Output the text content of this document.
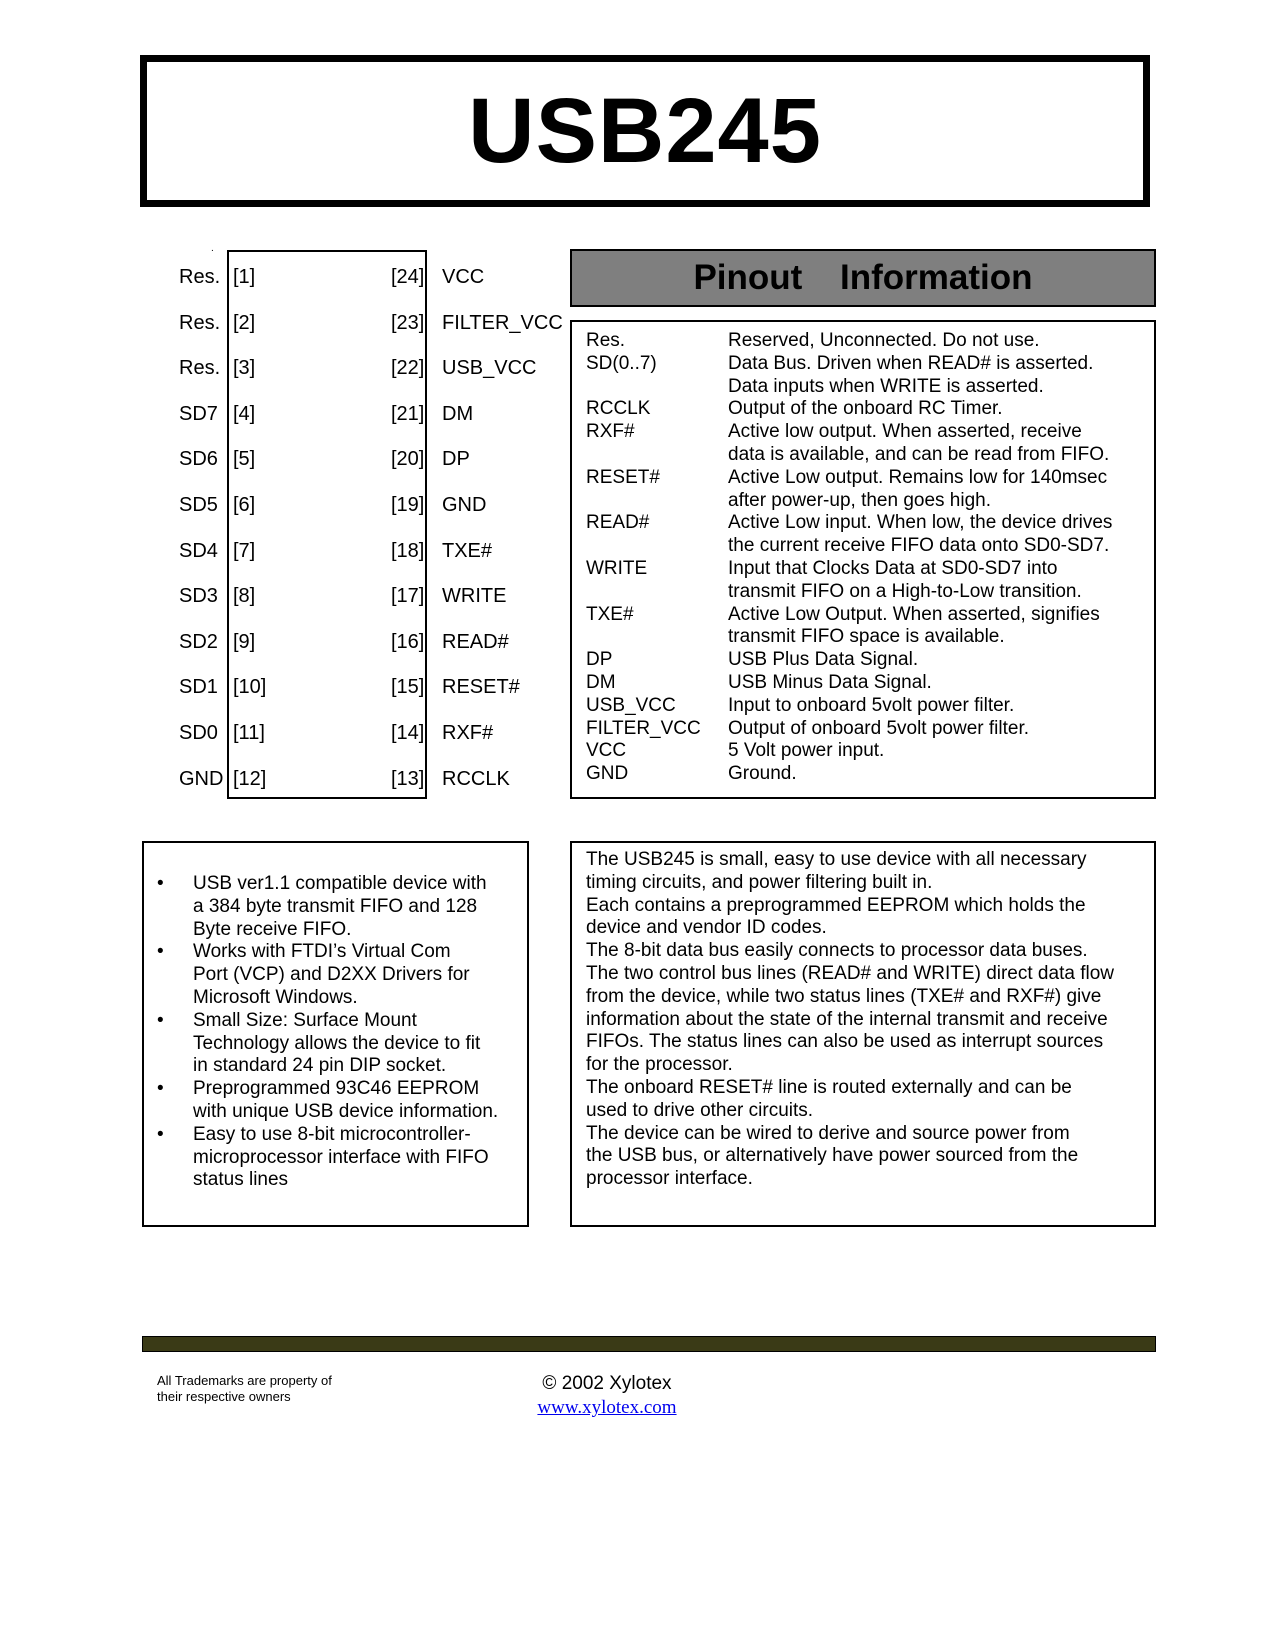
USB245
.
Res. [1]	[24] VCC
Res. [2]	[23] FILTER_VCC
Res. [3]	[22] USB_VCC
SD7 [4]	[21] DM
SD6 [5]	[20] DP
SD5 [6]	[19] GND
SD4 [7]	[18] TXE#
SD3 [8]	[17] WRITE
SD2 [9]	[16] READ#
SD1 [10]	[15] RESET#
SD0 [11]	[14] RXF#
GND [12]	[13] RCCLK
Pinout Information
Res.	Reserved, Unconnected. Do not use.
SD(0..7)	Data Bus. Driven when READ# is asserted.
Data inputs when WRITE is asserted.
RCCLK	Output of the onboard RC Timer.
RXF#	Active low output. When asserted, receive
data is available, and can be read from FIFO.
RESET#	Active Low output. Remains low for 140msec
after power-up, then goes high.
READ#	Active Low input. When low, the device drives
the current receive FIFO data onto SD0-SD7.
WRITE	Input that Clocks Data at SD0-SD7 into
transmit FIFO on a High-to-Low transition.
TXE#	Active Low Output. When asserted, signifies
transmit FIFO space is available.
DP	USB Plus Data Signal.
DM	USB Minus Data Signal.
USB_VCC	Input to onboard 5volt power filter.
FILTER_VCC	Output of onboard 5volt power filter.
VCC	5 Volt power input.
GND	Ground.
• USB ver1.1 compatible device with
a 384 byte transmit FIFO and 128
Byte receive FIFO.
• Works with FTDI’s Virtual Com
Port (VCP) and D2XX Drivers for
Microsoft Windows.
• Small Size: Surface Mount
Technology allows the device to fit
in standard 24 pin DIP socket.
• Preprogrammed 93C46 EEPROM
with unique USB device information.
• Easy to use 8-bit microcontroller-
microprocessor interface with FIFO
status lines

The USB245 is small, easy to use device with all necessary
timing circuits, and power filtering built in.

Each contains a preprogrammed EEPROM which holds the
device and vendor ID codes.

The 8-bit data bus easily connects to processor data buses.
The two control bus lines (READ# and WRITE) direct data flow
from the device, while two status lines (TXE# and RXF#) give
information about the state of the internal transmit and receive
FIFOs. The status lines can also be used as interrupt sources
for the processor.

The onboard RESET# line is routed externally and can be
used to drive other circuits.

The device can be wired to derive and source power from
the USB bus, or alternatively have power sourced from the
processor interface.

All Trademarks are property of
their respective owners
© 2002 Xylotex
www.xylotex.com
